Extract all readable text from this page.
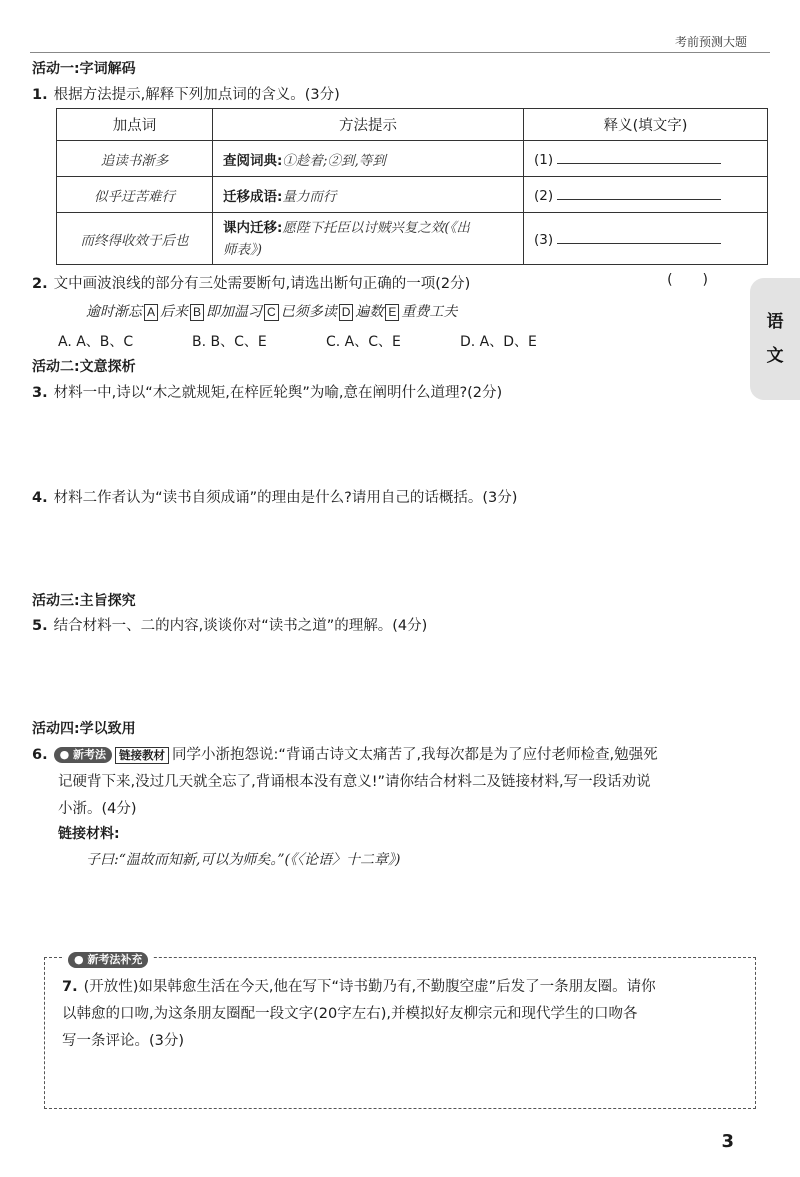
考前预测大题
语
文
活动一:字词解码
1. 根据方法提示,解释下列加点词的含义。(3分)
加点词	方法提示	释义(填文字)
追读书渐多	查阅词典:①趁着;②到,等到	(1)
似乎迂苦难行	迁移成语:量力而行	(2)
而终得收效于后也	课内迁移:愿陛下托臣以讨贼兴复之效(《出
师表》)	(3)
2. 文中画波浪线的部分有三处需要断句,请选出断句正确的一项(2分)	()
逾时渐忘 A 后来 B 即加温习 C 已须多读 D 遍数 E 重费工夫
A. A、B、C	B. B、C、E	C. A、C、E	D. A、D、E
活动二:文意探析
3. 材料一中,诗以“木之就规矩,在梓匠轮舆”为喻,意在阐明什么道理?(2分)
4. 材料二作者认为“读书自须成诵”的理由是什么?请用自己的话概括。(3分)
活动三:主旨探究
5. 结合材料一、二的内容,谈谈你对“读书之道”的理解。(4分)
活动四:学以致用
6. ● 新考法 链接教材 同学小浙抱怨说:“背诵古诗文太痛苦了,我每次都是为了应付老师检查,勉强死
记硬背下来,没过几天就全忘了,背诵根本没有意义!”请你结合材料二及链接材料,写一段话劝说
小浙。(4分)
链接材料:
子曰:“温故而知新,可以为师矣。”(《〈论语〉十二章》)
● 新考法补充
7. (开放性)如果韩愈生活在今天,他在写下“诗书勤乃有,不勤腹空虚”后发了一条朋友圈。请你
以韩愈的口吻,为这条朋友圈配一段文字(20字左右),并模拟好友柳宗元和现代学生的口吻各
写一条评论。(3分)
3
